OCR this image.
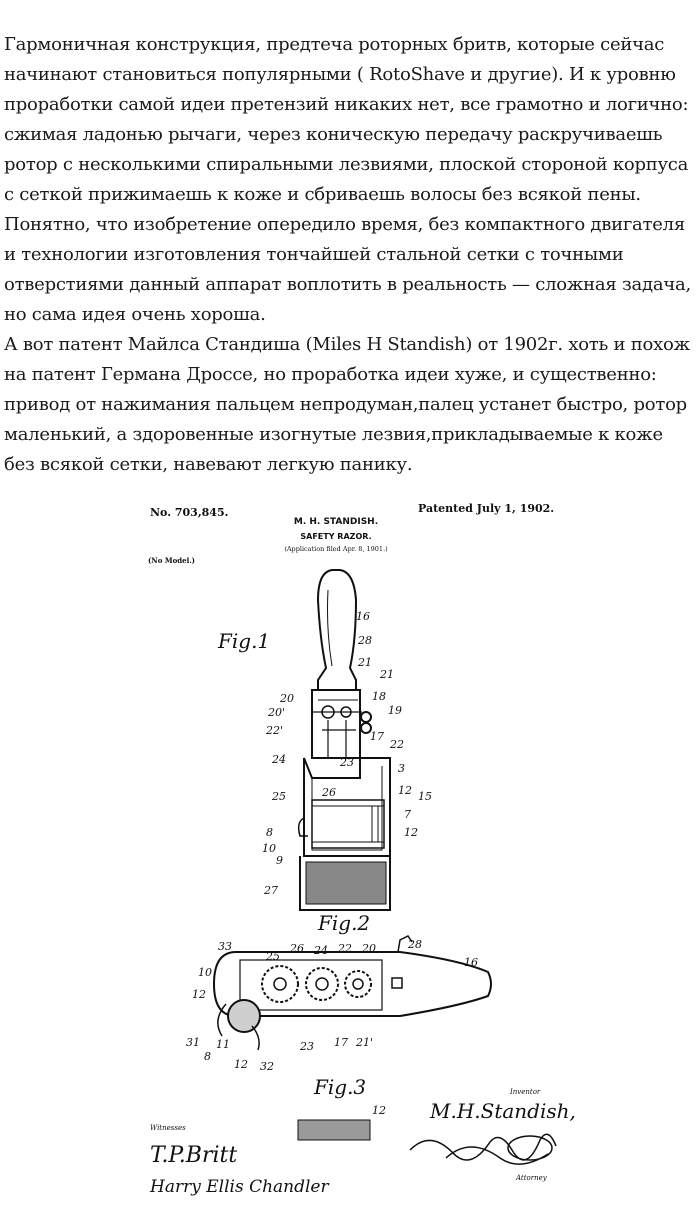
Гармоничная конструкция, предтеча роторных бритв, которые сейчас начинают становиться популярными ( RotoShave и другие). И к уровню проработки самой идеи претензий никаких нет, все грамотно и логично: сжимая ладонью рычаги, через коническую передачу раскручиваешь ротор с несколькими спиральными лезвиями, плоской стороной корпуса с сеткой прижимаешь к коже и сбриваешь волосы без всякой пены.

Понятно, что изобретение опередило время, без компактного двигателя и технологии изготовления тончайшей стальной сетки с точными отверстиями данный аппарат воплотить в реальность — сложная задача, но сама идея очень хороша.

А вот патент Майлса Стандиша (Miles H Standish) от 1902г. хоть и похож на патент Германа Дроссе, но проработка идеи хуже, и существенно: привод от нажимания пальцем непродуман,палец устанет быстро, ротор маленький, а здоровенные изогнутые лезвия,прикладываемые к коже без всякой сетки, навевают легкую панику.

No. 703,845.	Patented July 1, 1902.
M. H. STANDISH.
SAFETY RAZOR.
(Application filed Apr. 8, 1901.)
(No Model.)
Fig.1
16
28
21
21
20
20'
22'
18
19
17
22
24	23	3
26
25	12 15
7
12
8
10
9
27
Fig.2
33	26 24 22 20	28
16
25
10
12
31 11
8
12 32
23 17 21'
Fig.3
12
Witnesses
T.P.Britt
Harry Ellis Chandler
Inventor
M.H.Standish,
Attorney
